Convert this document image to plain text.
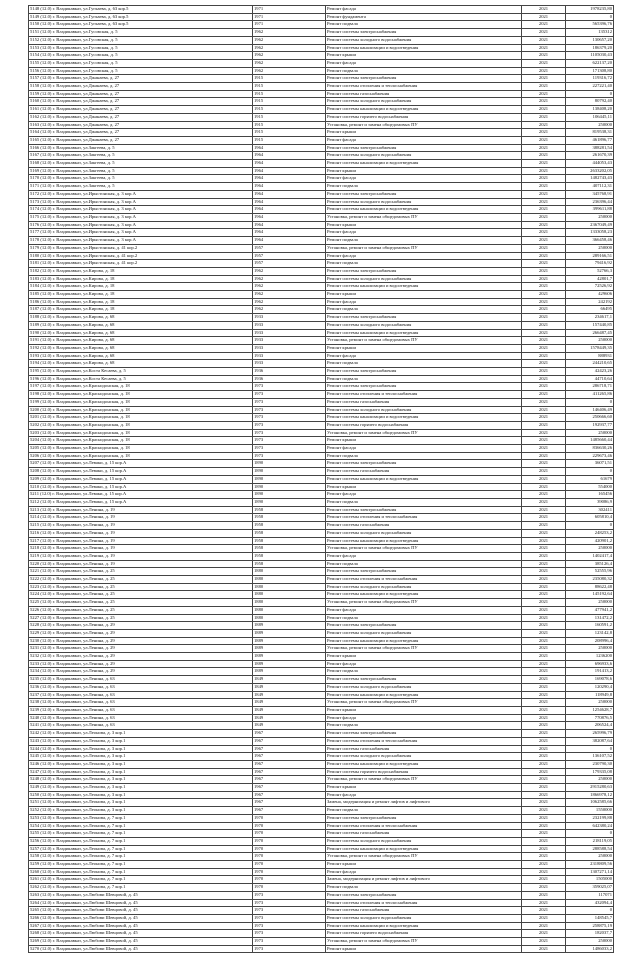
5148 (12.0) г. Владикавказ, ул.Гугкаева, д. 63 кор.5	1971	Ремонт фасада	2021	1978235,80
5149 (12.0) г. Владикавказ, ул.Гугкаева, д. 63 кор.5	1971	Ремонт фундамента	2021	0
5150 (12.0) г. Владикавказ, ул.Гугкаева, д. 63 кор.5	1971	Ремонт подвала	2021	565396,76
5151 (12.0) г. Владикавказ, ул.Гусовская, д. 5	1962	Ремонт системы электроснабжения	2021	135312
5152 (12.0) г. Владикавказ, ул.Гусовская, д. 5	1962	Ремонт системы холодного водоснабжения	2021	130657,20
5153 (12.0) г. Владикавказ, ул.Гусовская, д. 5	1962	Ремонт системы канализации и водоотведения	2021	186379,20
5154 (12.0) г. Владикавказ, ул.Гусовская, д. 5	1962	Ремонт крыши	2021	1105030,43
5155 (12.0) г. Владикавказ, ул.Гусовская, д. 5	1962	Ремонт фасада	2021	622137,20
5156 (12.0) г. Владикавказ, ул.Гусовская, д. 5	1962	Ремонт подвала	2021	171308,80
5157 (12.0) г. Владикавказ, ул.Джанаева, д. 27	1915	Ремонт системы электроснабжения	2021	119316,72
5158 (12.0) г. Владикавказ, ул.Джанаева, д. 27	1915	Ремонт системы отопления и теплоснабжения	2021	227221,40
5159 (12.0) г. Владикавказ, ул.Джанаева, д. 27	1915	Ремонт системы газоснабжения	2021	0
5160 (12.0) г. Владикавказ, ул.Джанаева, д. 27	1915	Ремонт системы холодного водоснабжения	2021	80792,40
5161 (12.0) г. Владикавказ, ул.Джанаева, д. 27	1915	Ремонт системы канализации и водоотведения	2021	138408,20
5162 (12.0) г. Владикавказ, ул.Джанаева, д. 27	1915	Ремонт системы горячего водоснабжения	2021	106445,11
5163 (12.0) г. Владикавказ, ул.Джанаева, д. 27	1915	Установка, ремонт и замена общедомовых ПУ	2021	250000
5164 (12.0) г. Владикавказ, ул.Джанаева, д. 27	1915	Ремонт крыши	2021	819538,31
5165 (12.0) г. Владикавказ, ул.Джанаева, д. 27	1915	Ремонт фасада	2021	461896,77
5166 (12.0) г. Владикавказ, ул.Закгеева, д. 5	1964	Ремонт системы электроснабжения	2021	388281,54
5167 (12.0) г. Владикавказ, ул.Закгеева, д. 5	1964	Ремонт системы холодного водоснабжения	2021	261670,39
5168 (12.0) г. Владикавказ, ул.Закгеева, д. 5	1964	Ремонт системы канализации и водоотведения	2021	444053,43
5169 (12.0) г. Владикавказ, ул.Закгеева, д. 5	1964	Ремонт крыши	2021	2633202,05
5170 (12.0) г. Владикавказ, ул.Закгеева, д. 5	1964	Ремонт фасада	2021	1482743,43
5171 (12.0) г. Владикавказ, ул.Закгеева, д. 5	1964	Ремонт подвала	2021	407112,31
5172 (12.0) г. Владикавказ, ул.Ирыстонская, д. 3 кор.А	1964	Ремонт системы электроснабжения	2021	345768,91
5173 (12.0) г. Владикавказ, ул.Ирыстонская, д. 3 кор.А	1964	Ремонт системы холодного водоснабжения	2021	236396,44
5174 (12.0) г. Владикавказ, ул.Ирыстонская, д. 3 кор.А	1964	Ремонт системы канализации и водоотведения	2021	399611,88
5175 (12.0) г. Владикавказ, ул.Ирыстонская, д. 3 кор.А	1964	Установка, ремонт и замена общедомовых ПУ	2021	250000
5176 (12.0) г. Владикавказ, ул.Ирыстонская, д. 3 кор.А	1964	Ремонт крыши	2021	2367049,49
5177 (12.0) г. Владикавказ, ул.Ирыстонская, д. 3 кор.А	1964	Ремонт фасада	2021	1333058,23
5178 (12.0) г. Владикавказ, ул.Ирыстонская, д. 3 кор.А	1964	Ремонт подвала	2021	366458,46
5179 (12.0) г. Владикавказ, ул.Ирыстонская, д. 41 кор.2	1957	Установка, ремонт и замена общедомовых ПУ	2021	250000
5180 (12.0) г. Владикавказ, ул.Ирыстонская, д. 41 кор.2	1957	Ремонт фасада	2021	289166,51
5181 (12.0) г. Владикавказ, ул.Ирыстонская, д. 41 кор.2	1957	Ремонт подвала	2021	79416,92
5182 (12.0) г. Владикавказ, ул.Кирова, д. 18	1962	Ремонт системы электроснабжения	2021	52766,3
5183 (12.0) г. Владикавказ, ул.Кирова, д. 18	1962	Ремонт системы холодного водоснабжения	2021	42801,7
5184 (12.0) г. Владикавказ, ул.Кирова, д. 18	1962	Ремонт системы канализации и водоотведения	2021	72526,92
5185 (12.0) г. Владикавказ, ул.Кирова, д. 18	1962	Ремонт крыши	2021	429606
5186 (12.0) г. Владикавказ, ул.Кирова, д. 18	1962	Ремонт фасада	2021	242192
5187 (12.0) г. Владикавказ, ул.Кирова, д. 18	1962	Ремонт подвала	2021	66495
5188 (12.0) г. Владикавказ, ул.Кирова, д. 68	1933	Ремонт системы электроснабжения	2021	234617,1
5189 (12.0) г. Владикавказ, ул.Кирова, д. 68	1933	Ремонт системы холодного водоснабжения	2021	157440,85
5190 (12.0) г. Владикавказ, ул.Кирова, д. 68	1933	Ремонт системы канализации и водоотведения	2021	266487,45
5191 (12.0) г. Владикавказ, ул.Кирова, д. 68	1933	Установка, ремонт и замена общедомовых ПУ	2021	250000
5192 (12.0) г. Владикавказ, ул.Кирова, д. 68	1933	Ремонт крыши	2021	1578449,35
5193 (12.0) г. Владикавказ, ул.Кирова, д. 68	1933	Ремонт фасада	2021	888931
5194 (12.0) г. Владикавказ, ул.Кирова, д. 68	1933	Ремонт подвала	2021	244210,65
5195 (12.0) г. Владикавказ, ул.Коста Кесаева, д. 5	1936	Ремонт системы электроснабжения	2021	42423,26
5196 (12.0) г. Владикавказ, ул.Коста Кесаева, д. 5	1936	Ремонт подвала	2021	44710,64
5197 (12.0) г. Владикавказ, ул.Краснодонская, д. 18	1973	Ремонт системы электроснабжения	2021	286718,71
5198 (12.0) г. Владикавказ, ул.Краснодонская, д. 18	1973	Ремонт системы отопления и теплоснабжения	2021	411265,86
5199 (12.0) г. Владикавказ, ул.Краснодонская, д. 18	1973	Ремонт системы газоснабжения	2021	0
5200 (12.0) г. Владикавказ, ул.Краснодонская, д. 18	1973	Ремонт системы холодного водоснабжения	2021	146406,49
5201 (12.0) г. Владикавказ, ул.Краснодонская, д. 18	1973	Ремонт системы канализации и водоотведения	2021	250666,60
5202 (12.0) г. Владикавказ, ул.Краснодонская, д. 18	1973	Ремонт системы горячего водоснабжения	2021	192937,77
5203 (12.0) г. Владикавказ, ул.Краснодонская, д. 18	1973	Установка, ремонт и замена общедомовых ПУ	2021	250000
5204 (12.0) г. Владикавказ, ул.Краснодонская, д. 18	1973	Ремонт крыши	2021	1485660,44
5205 (12.0) г. Владикавказ, ул.Краснодонская, д. 18	1973	Ремонт фасада	2021	836630,26
5206 (12.0) г. Владикавказ, ул.Краснодонская, д. 18	1973	Ремонт подвала	2021	229673,46
5207 (12.0) г. Владикавказ, ул.Леваки, д. 15 кор.А	1890	Ремонт системы электроснабжения	2021	36071,51
5208 (12.0) г. Владикавказ, ул.Леваки, д. 15 кор.А	1890	Ремонт системы газоснабжения	2021	0
5209 (12.0) г. Владикавказ, ул.Леваки, д. 15 кор.А	1890	Ремонт системы канализации и водоотведения	2021	61679
5210 (12.0) г. Владикавказ, ул.Леваки, д. 15 кор.А	1890	Ремонт крыши	2021	554000
5211 (12.0) г. Владикавказ, ул.Леваки, д. 15 кор.А	1890	Ремонт фасада	2021	165456
5212 (12.0) г. Владикавказ, ул.Леваки, д. 15 кор.А	1890	Ремонт подвала	2021	39086,9
5213 (12.0) г. Владикавказ, ул.Ленина, д. 19	1958	Ремонт системы электроснабжения	2021	302411
5214 (12.0) г. Владикавказ, ул.Ленина, д. 19	1958	Ремонт системы отопления и теплоснабжения	2021	605810,4
5215 (12.0) г. Владикавказ, ул.Ленина, д. 19	1958	Ремонт системы газоснабжения	2021	0
5216 (12.0) г. Владикавказ, ул.Ленина, д. 19	1958	Ремонт системы холодного водоснабжения	2021	248253,2
5217 (12.0) г. Владикавказ, ул.Ленина, д. 19	1958	Ремонт системы канализации и водоотведения	2021	420901,2
5218 (12.0) г. Владикавказ, ул.Ленина, д. 19	1958	Установка, ремонт и замена общедомовых ПУ	2021	250000
5219 (12.0) г. Владикавказ, ул.Ленина, д. 19	1958	Ремонт фасада	2021	1402417,4
5220 (12.0) г. Владикавказ, ул.Ленина, д. 19	1958	Ремонт подвала	2021	385126,4
5221 (12.0) г. Владикавказ, ул.Ленина, д. 25	1880	Ремонт системы электроснабжения	2021	52555,96
5222 (12.0) г. Владикавказ, ул.Ленина, д. 25	1880	Ремонт системы отопления и теплоснабжения	2021	235080,32
5223 (12.0) г. Владикавказ, ул.Ленина, д. 25	1880	Ремонт системы холодного водоснабжения	2021	88622,48
5224 (12.0) г. Владикавказ, ул.Ленина, д. 25	1880	Ремонт системы канализации и водоотведения	2021	145192,64
5225 (12.0) г. Владикавказ, ул.Ленина, д. 25	1880	Установка, ремонт и замена общедомовых ПУ	2021	250000
5226 (12.0) г. Владикавказ, ул.Ленина, д. 25	1880	Ремонт фасада	2021	477941,2
5227 (12.0) г. Владикавказ, ул.Ленина, д. 25	1880	Ремонт подвала	2021	131472,2
5228 (12.0) г. Владикавказ, ул.Ленина, д. 29	1889	Ремонт системы электроснабжения	2021	160591,2
5229 (12.0) г. Владикавказ, ул.Ленина, д. 29	1889	Ремонт системы холодного водоснабжения	2021	123142,8
5230 (12.0) г. Владикавказ, ул.Ленина, д. 29	1889	Ремонт системы канализации и водоотведения	2021	208996,4
5231 (12.0) г. Владикавказ, ул.Ленина, д. 29	1889	Установка, ремонт и замена общедомовых ПУ	2021	250000
5232 (12.0) г. Владикавказ, ул.Ленина, д. 29	1889	Ремонт крыши	2021	1236200
5233 (12.0) г. Владикавказ, ул.Ленина, д. 29	1889	Ремонт фасада	2021	696933,6
5234 (12.0) г. Владикавказ, ул.Ленина, д. 29	1889	Ремонт подвала	2021	191413,2
5235 (12.0) г. Владикавказ, ул.Ленина, д. 63	1849	Ремонт системы электроснабжения	2021	169078,6
5236 (12.0) г. Владикавказ, ул.Ленина, д. 63	1849	Ремонт системы холодного водоснабжения	2021	120290,4
5237 (12.0) г. Владикавказ, ул.Ленина, д. 63	1849	Ремонт системы канализации и водоотведения	2021	118949,8
5238 (12.0) г. Владикавказ, ул.Ленина, д. 63	1849	Установка, ремонт и замена общедомовых ПУ	2021	250000
5239 (12.0) г. Владикавказ, ул.Ленина, д. 63	1849	Ремонт крыши	2021	1254628,7
5240 (12.0) г. Владикавказ, ул.Ленина, д. 63	1849	Ремонт фасада	2021	770876,5
5241 (12.0) г. Владикавказ, ул.Ленина, д. 63	1849	Ремонт подвала	2021	206524,4
5242 (12.0) г. Владикавказ, ул.Леонова, д. 3 кор.1	1967	Ремонт системы электроснабжения	2021	265996,79
5243 (12.0) г. Владикавказ, ул.Леонова, д. 3 кор.1	1967	Ремонт системы отопления и теплоснабжения	2021	382087,64
5244 (12.0) г. Владикавказ, ул.Леонова, д. 3 кор.1	1967	Ремонт системы газоснабжения	2021	0
5245 (12.0) г. Владикавказ, ул.Леонова, д. 3 кор.1	1967	Ремонт системы холодного водоснабжения	2021	136107,52
5246 (12.0) г. Владикавказ, ул.Леонова, д. 3 кор.1	1967	Ремонт системы канализации и водоотведения	2021	230790,30
5247 (12.0) г. Владикавказ, ул.Леонова, д. 3 кор.1	1967	Ремонт системы горячего водоснабжения	2021	179335,08
5248 (12.0) г. Владикавказ, ул.Леонова, д. 3 кор.1	1967	Установка, ремонт и замена общедомовых ПУ	2021	250000
5249 (12.0) г. Владикавказ, ул.Леонова, д. 3 кор.1	1967	Ремонт крыши	2021	2915280,63
5250 (12.0) г. Владикавказ, ул.Леонова, д. 3 кор.1	1967	Ремонт фасада	2021	1866978,12
5251 (12.0) г. Владикавказ, ул.Леонова, д. 3 кор.1	1967	Замена, модернизация и ремонт лифтов и лифтового	2021	1062585,66
5252 (12.0) г. Владикавказ, ул.Леонова, д. 3 кор.1	1967	Ремонт подвала	2021	1550000
5253 (12.0) г. Владикавказ, ул.Леонова, д. 7 кор.1	1970	Ремонт системы электроснабжения	2021	232199,88
5254 (12.0) г. Владикавказ, ул.Леонова, д. 7 кор.1	1970	Ремонт системы отопления и теплоснабжения	2021	642380,24
5255 (12.0) г. Владикавказ, ул.Леонова, д. 7 кор.1	1970	Ремонт системы газоснабжения	2021	0
5256 (12.0) г. Владикавказ, ул.Леонова, д. 7 кор.1	1970	Ремонт системы холодного водоснабжения	2021	218119,05
5257 (12.0) г. Владикавказ, ул.Леонова, д. 7 кор.1	1970	Ремонт системы канализации и водоотведения	2021	288588,54
5258 (12.0) г. Владикавказ, ул.Леонова, д. 7 кор.1	1970	Установка, ремонт и замена общедомовых ПУ	2021	250000
5259 (12.0) г. Владикавказ, ул.Леонова, д. 7 кор.1	1970	Ремонт крыши	2021	2318809,56
5260 (12.0) г. Владикавказ, ул.Леонова, д. 7 кор.1	1970	Ремонт фасада	2021	1307271,14
5261 (12.0) г. Владикавказ, ул.Леонова, д. 7 кор.1	1970	Замена, модернизация и ремонт лифтов и лифтового	2021	1505000
5262 (12.0) г. Владикавказ, ул.Леонова, д. 7 кор.1	1970	Ремонт подвала	2021	359025,07
5263 (12.0) г. Владикавказ, ул.Любови Шевцовой, д. 45	1973	Ремонт системы электроснабжения	2021	117071
5264 (12.0) г. Владикавказ, ул.Любови Шевцовой, д. 45	1973	Ремонт системы отопления и теплоснабжения	2021	432094,4
5265 (12.0) г. Владикавказ, ул.Любови Шевцовой, д. 45	1973	Ремонт системы газоснабжения	2021	0
5266 (12.0) г. Владикавказ, ул.Любови Шевцовой, д. 45	1973	Ремонт системы холодного водоснабжения	2021	148545,7
5267 (12.0) г. Владикавказ, ул.Любови Шевцовой, д. 45	1973	Ремонт системы канализации и водоотведения	2021	258875,19
5268 (12.0) г. Владикавказ, ул.Любови Шевцовой, д. 45	1973	Ремонт системы горячего водоснабжения	2021	182037,7
5269 (12.0) г. Владикавказ, ул.Любови Шевцовой, д. 45	1973	Установка, ремонт и замена общедомовых ПУ	2021	250000
5270 (12.0) г. Владикавказ, ул.Любови Шевцовой, д. 45	1973	Ремонт крыши	2021	1486033,2
